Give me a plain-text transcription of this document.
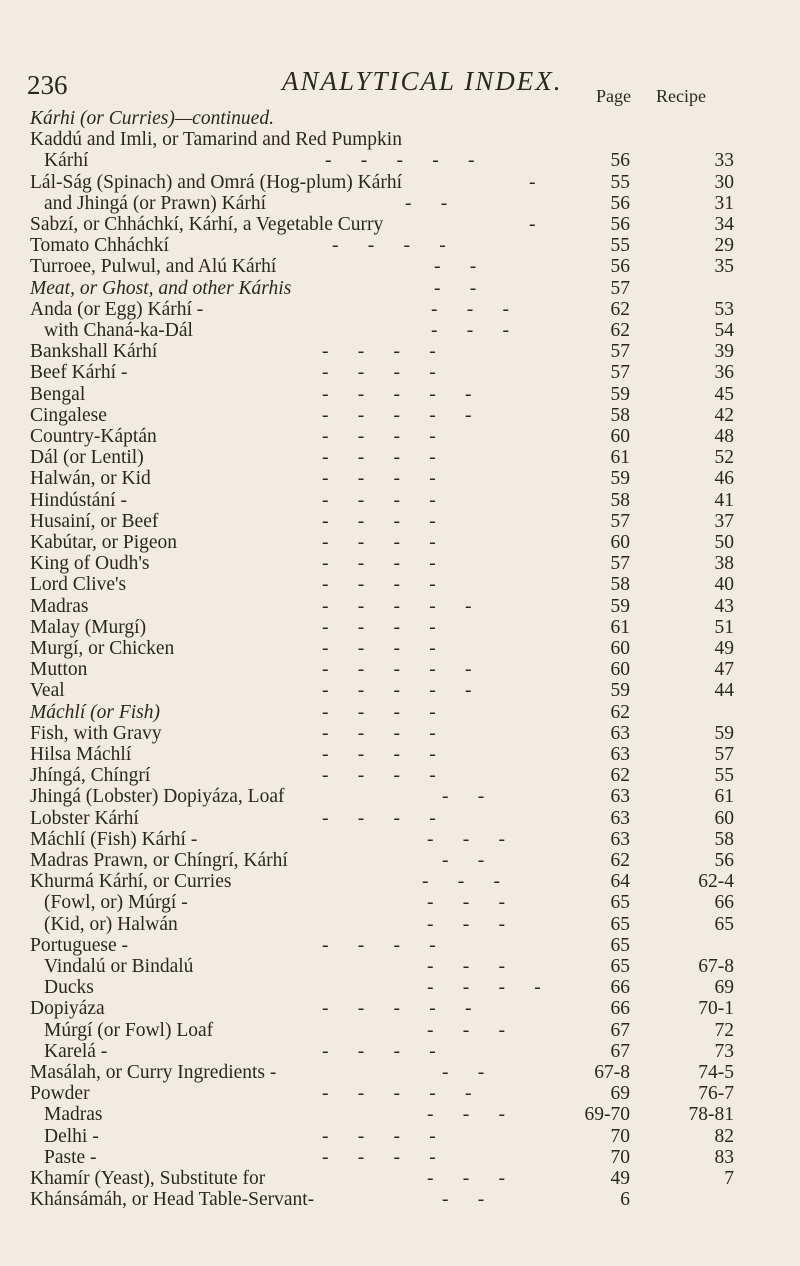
236	ANALYTICAL INDEX. Page Recipe
Kárhi (or Curries)—continued.
Kaddú and Imli, or Tamarind and Red Pumpkin
Kárhí	-      -      -      -      -	56	33
Lál-Ság (Spinach) and Omrá (Hog-plum) Kárhí	-	55	30
and Jhingá (or Prawn) Kárhí	-      -	56	31
Sabzí, or Chháchkí, Kárhí, a Vegetable Curry	-	56	34
Tomato Chháchkí	-      -      -      -	55	29
Turroee, Pulwul, and Alú Kárhí	-      -	56	35
Meat, or Ghost, and other Kárhis	-      -	57
Anda (or Egg) Kárhí -	-      -      -	62	53
with Chaná-ka-Dál	-      -      -	62	54
Bankshall Kárhí	-      -      -      -	57	39
Beef Kárhí -	-      -      -      -	57	36
Bengal	-      -      -      -      -	59	45
Cingalese	-      -      -      -      -	58	42
Country-Káptán	-      -      -      -	60	48
Dál (or Lentil)	-      -      -      -	61	52
Halwán, or Kid	-      -      -      -	59	46
Hindústání -	-      -      -      -	58	41
Husainí, or Beef	-      -      -      -	57	37
Kabútar, or Pigeon	-      -      -      -	60	50
King of Oudh's	-      -      -      -	57	38
Lord Clive's	-      -      -      -	58	40
Madras	-      -      -      -      -	59	43
Malay (Murgí)	-      -      -      -	61	51
Murgí, or Chicken	-      -      -      -	60	49
Mutton	-      -      -      -      -	60	47
Veal	-      -      -      -      -	59	44
Máchlí (or Fish)	-      -      -      -	62
Fish, with Gravy	-      -      -      -	63	59
Hilsa Máchlí	-      -      -      -	63	57
Jhíngá, Chíngrí	-      -      -      -	62	55
Jhingá (Lobster) Dopiyáza, Loaf	-      -	63	61
Lobster Kárhí	-      -      -      -	63	60
Máchlí (Fish) Kárhí -	-      -      -	63	58
Madras Prawn, or Chíngrí, Kárhí	-      -	62	56
Khurmá Kárhí, or Curries	-      -      -	64	62-4
(Fowl, or) Múrgí -	-      -      -	65	66
(Kid, or) Halwán	-      -      -	65	65
Portuguese -	-      -      -      -	65
Vindalú or Bindalú	-      -      -	65	67-8
Ducks	-      -      -      -	66	69
Dopiyáza	-      -      -      -      -	66	70-1
Múrgí (or Fowl) Loaf	-      -      -	67	72
Karelá -	-      -      -      -	67	73
Masálah, or Curry Ingredients -	-      -	67-8	74-5
Powder	-      -      -      -      -	69	76-7
Madras	-      -      -	69-70	78-81
Delhi -	-      -      -      -	70	82
Paste -	-      -      -      -	70	83
Khamír (Yeast), Substitute for	-      -      -	49	7
Khánsámáh, or Head Table-Servant-	-      -	6
